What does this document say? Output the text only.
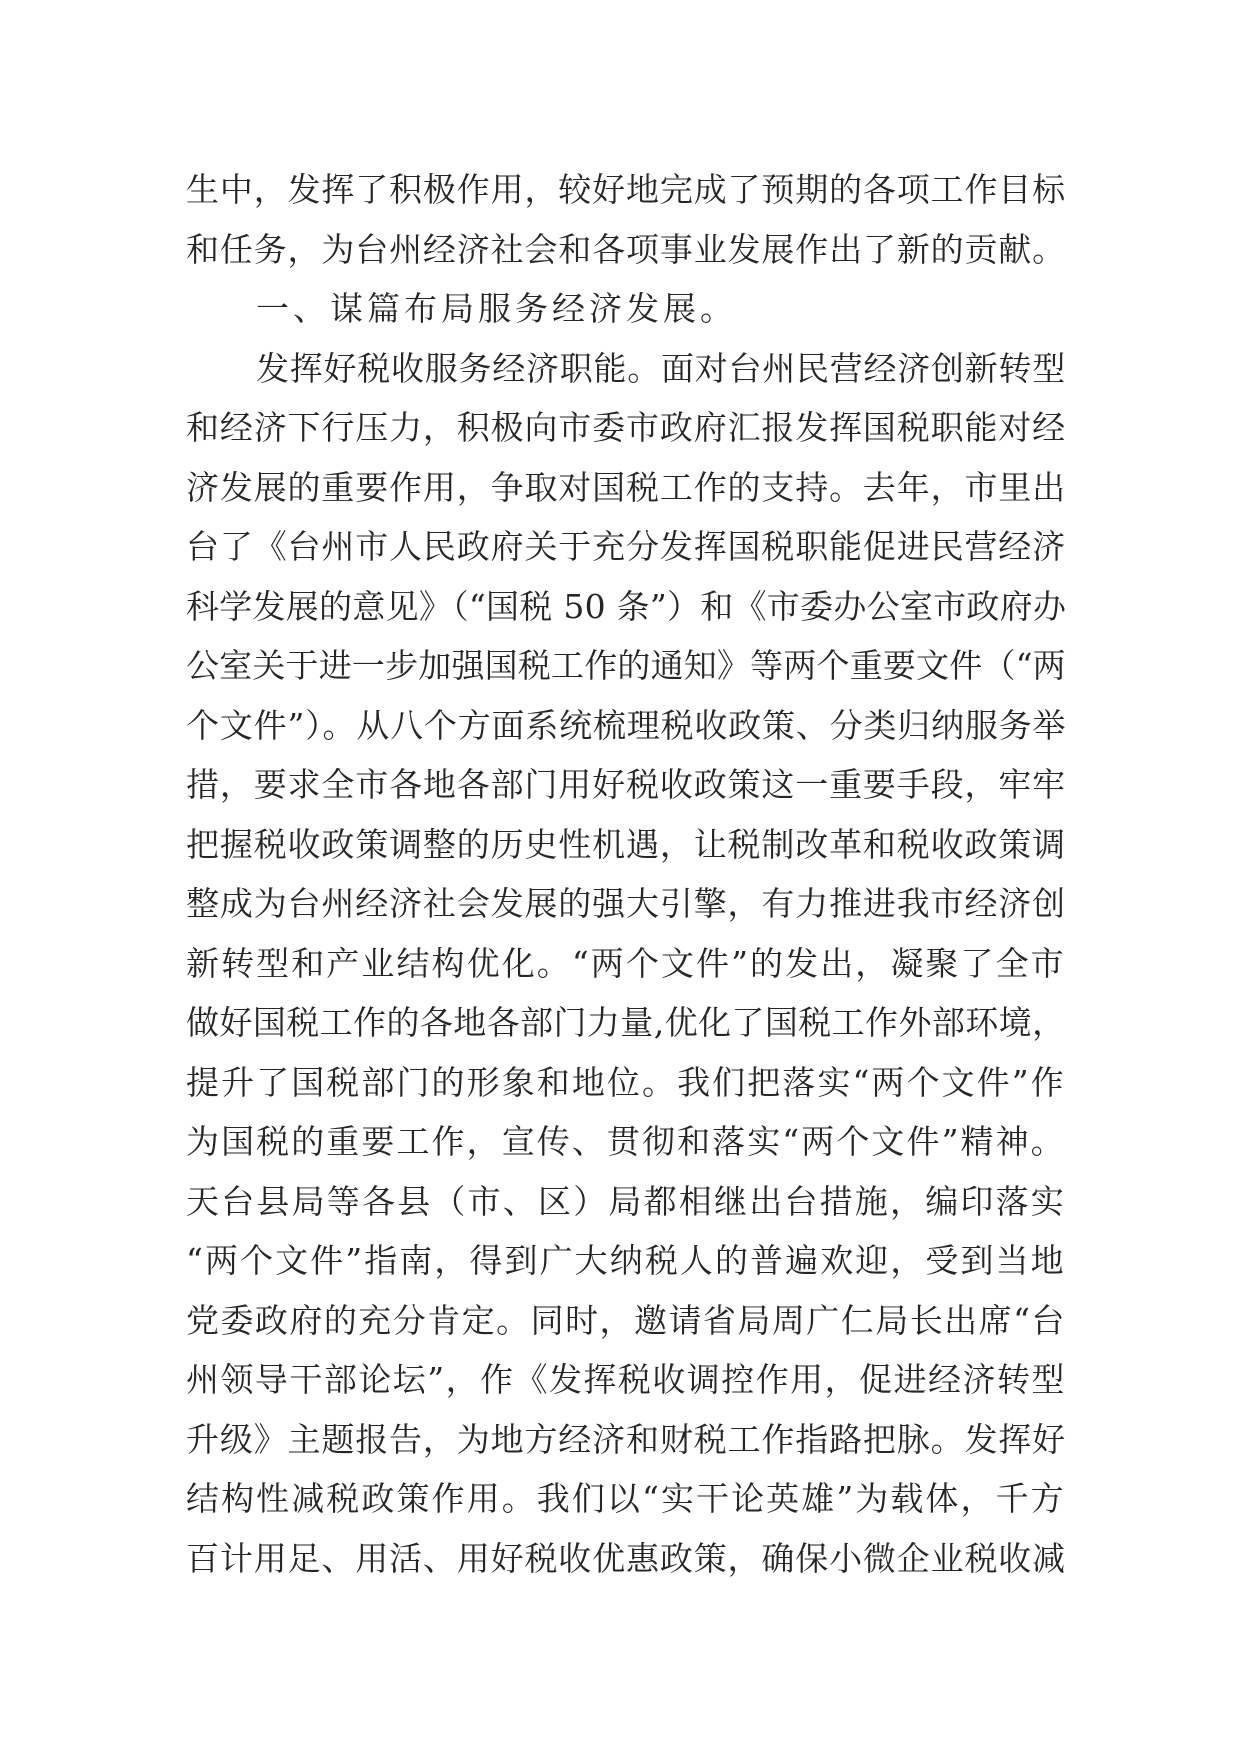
生中，发挥了积极作用，较好地完成了预期的各项工作目标
和任务，为台州经济社会和各项事业发展作出了新的贡献。
一、谋篇布局服务经济发展。
发挥好税收服务经济职能。面对台州民营经济创新转型
和经济下行压力，积极向市委市政府汇报发挥国税职能对经
济发展的重要作用，争取对国税工作的支持。去年，市里出
台了《台州市人民政府关于充分发挥国税职能促进民营经济
科学发展的意见》（“国税 50 条”）和《市委办公室市政府办
公室关于进一步加强国税工作的通知》等两个重要文件（“两
个文件”）。从八个方面系统梳理税收政策、分类归纳服务举
措，要求全市各地各部门用好税收政策这一重要手段，牢牢
把握税收政策调整的历史性机遇，让税制改革和税收政策调
整成为台州经济社会发展的强大引擎，有力推进我市经济创
新转型和产业结构优化。“两个文件”的发出，凝聚了全市
做好国税工作的各地各部门力量,优化了国税工作外部环境，
提升了国税部门的形象和地位。我们把落实“两个文件”作
为国税的重要工作，宣传、贯彻和落实“两个文件”精神。
天台县局等各县（市、区）局都相继出台措施，编印落实
“两个文件”指南，得到广大纳税人的普遍欢迎，受到当地
党委政府的充分肯定。同时，邀请省局周广仁局长出席“台
州领导干部论坛”，作《发挥税收调控作用，促进经济转型
升级》主题报告，为地方经济和财税工作指路把脉。发挥好
结构性减税政策作用。我们以“实干论英雄”为载体，千方
百计用足、用活、用好税收优惠政策，确保小微企业税收减
